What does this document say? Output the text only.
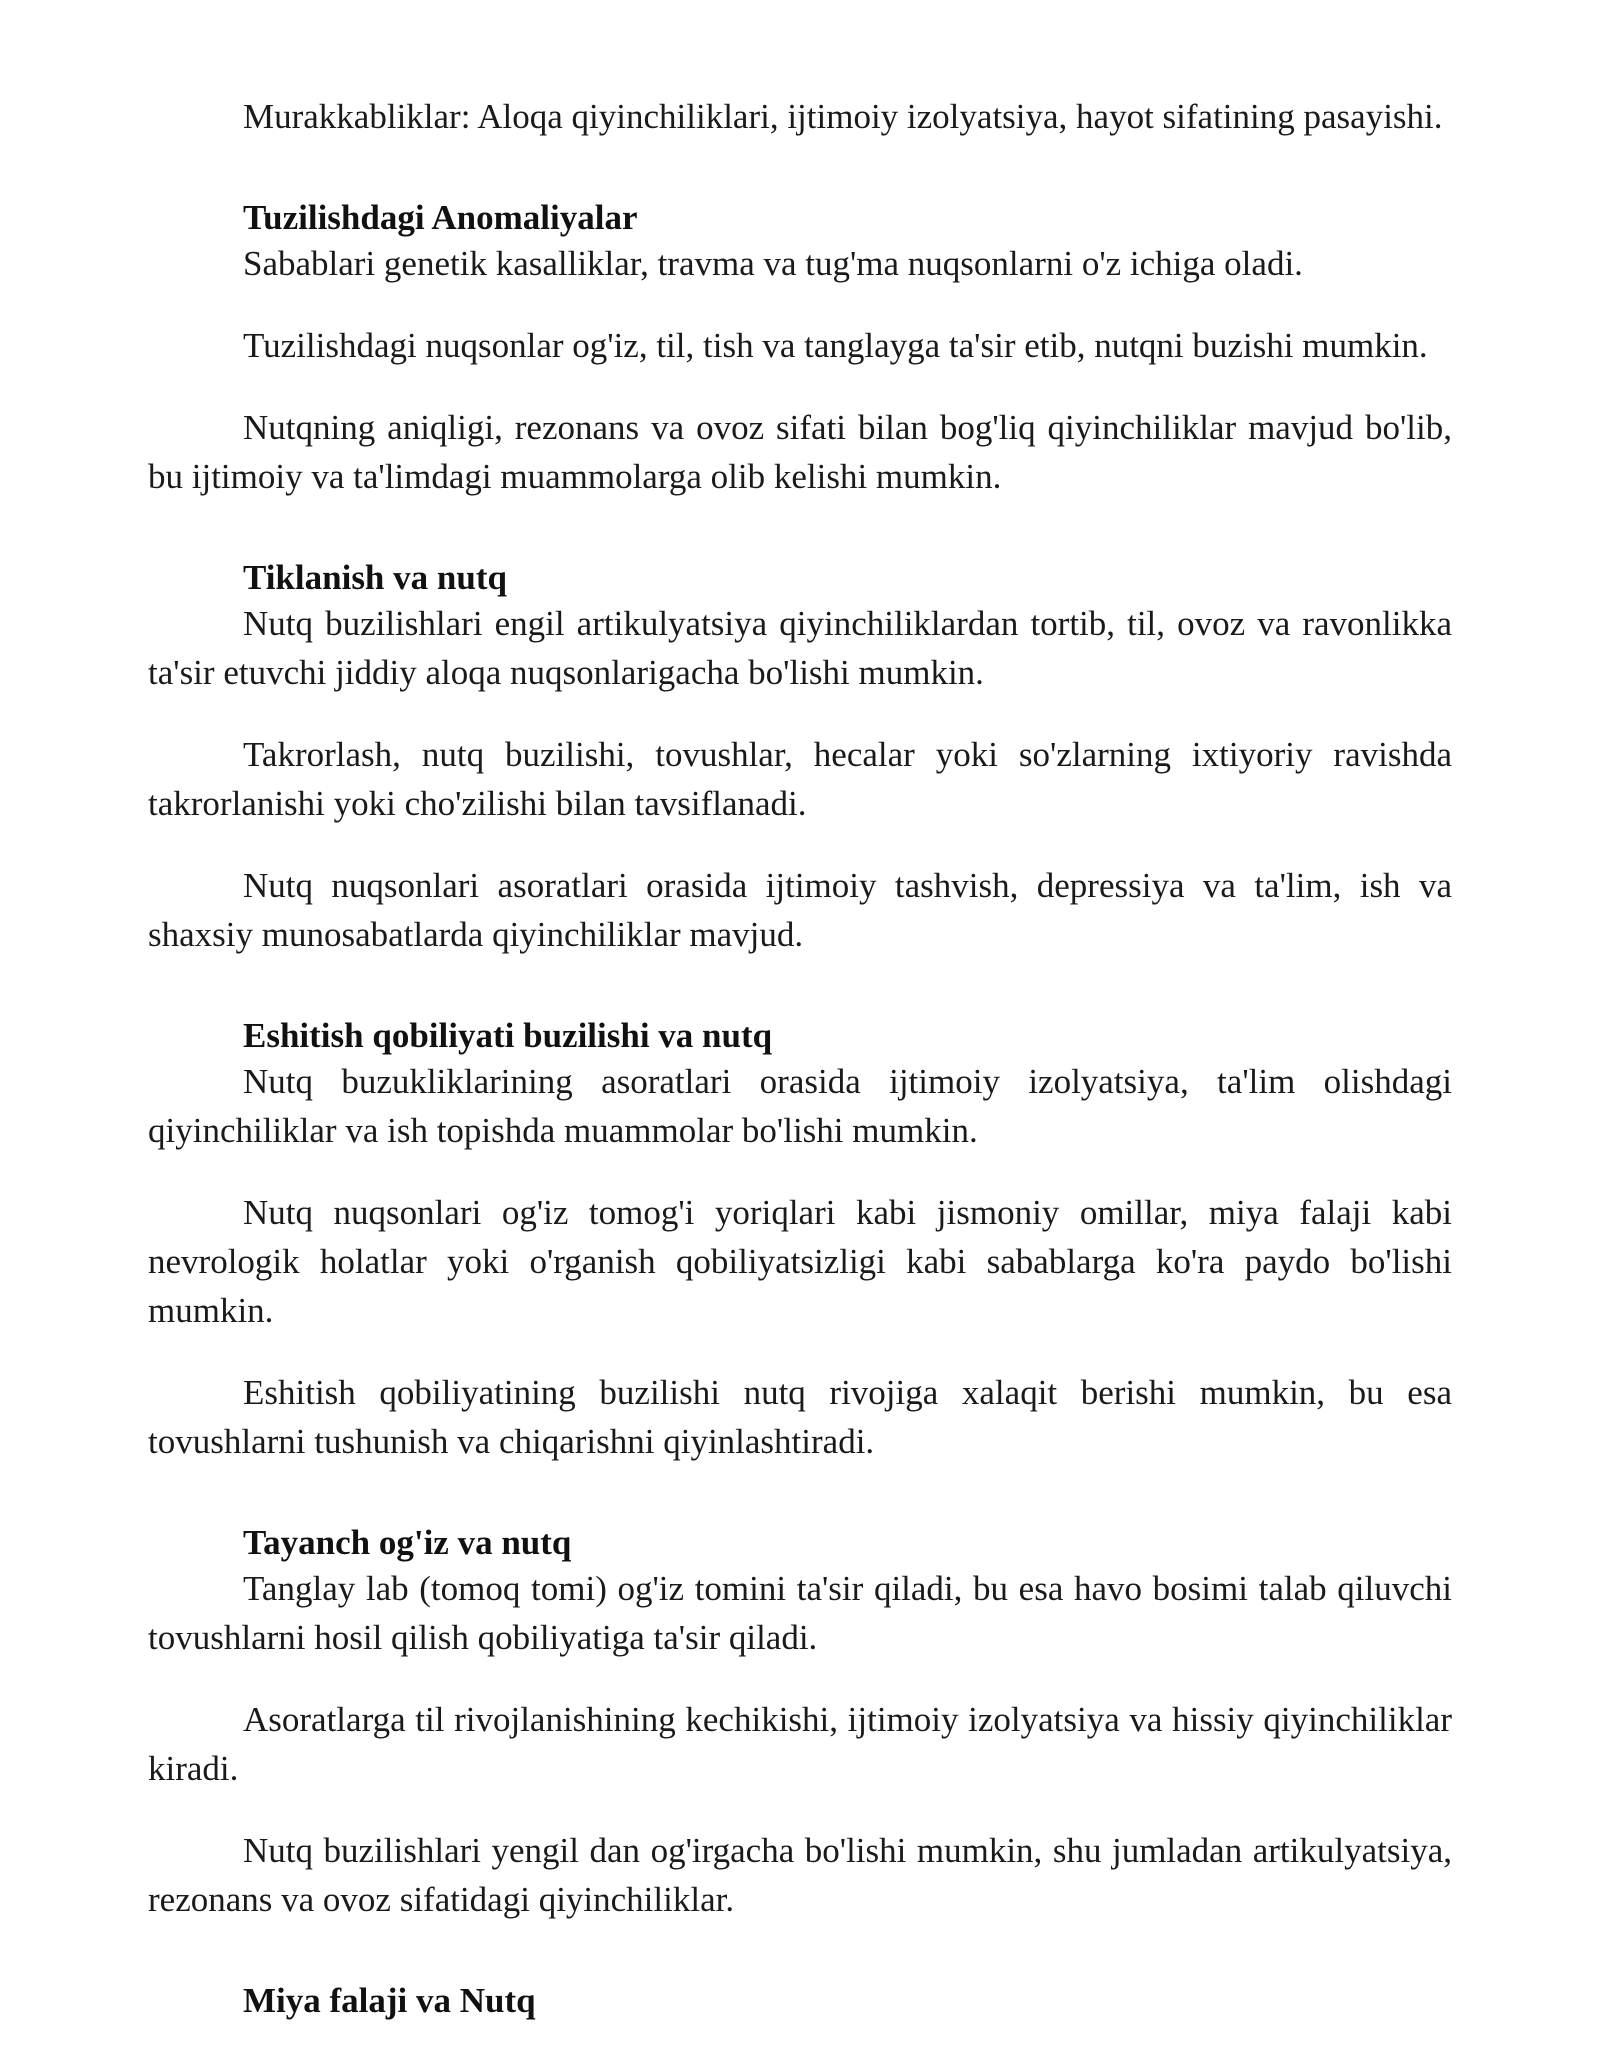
Murakkabliklar: Aloqa qiyinchiliklari, ijtimoiy izolyatsiya, hayot sifatining pasayishi.

Tuzilishdagi Anomaliyalar

Sabablari genetik kasalliklar, travma va tug'ma nuqsonlarni o'z ichiga oladi.

Tuzilishdagi nuqsonlar og'iz, til, tish va tanglayga ta'sir etib, nutqni buzishi mumkin.

Nutqning aniqligi, rezonans va ovoz sifati bilan bog'liq qiyinchiliklar mavjud bo'lib, bu ijtimoiy va ta'limdagi muammolarga olib kelishi mumkin.

Tiklanish va nutq

Nutq buzilishlari engil artikulyatsiya qiyinchiliklardan tortib, til, ovoz va ravonlikka ta'sir etuvchi jiddiy aloqa nuqsonlarigacha bo'lishi mumkin.

Takrorlash, nutq buzilishi, tovushlar, hecalar yoki so'zlarning ixtiyoriy ravishda takrorlanishi yoki cho'zilishi bilan tavsiflanadi.

Nutq nuqsonlari asoratlari orasida ijtimoiy tashvish, depressiya va ta'lim, ish va shaxsiy munosabatlarda qiyinchiliklar mavjud.

Eshitish qobiliyati buzilishi va nutq

Nutq buzukliklarining asoratlari orasida ijtimoiy izolyatsiya, ta'lim olishdagi qiyinchiliklar va ish topishda muammolar bo'lishi mumkin.

Nutq nuqsonlari og'iz tomog'i yoriqlari kabi jismoniy omillar, miya falaji kabi nevrologik holatlar yoki o'rganish qobiliyatsizligi kabi sabablarga ko'ra paydo bo'lishi mumkin.

Eshitish qobiliyatining buzilishi nutq rivojiga xalaqit berishi mumkin, bu esa tovushlarni tushunish va chiqarishni qiyinlashtiradi.

Tayanch og'iz va nutq

Tanglay lab (tomoq tomi) og'iz tomini ta'sir qiladi, bu esa havo bosimi talab qiluvchi tovushlarni hosil qilish qobiliyatiga ta'sir qiladi.

Asoratlarga til rivojlanishining kechikishi, ijtimoiy izolyatsiya va hissiy qiyinchiliklar kiradi.

Nutq buzilishlari yengil dan og'irgacha bo'lishi mumkin, shu jumladan artikulyatsiya, rezonans va ovoz sifatidagi qiyinchiliklar.

Miya falaji va Nutq
